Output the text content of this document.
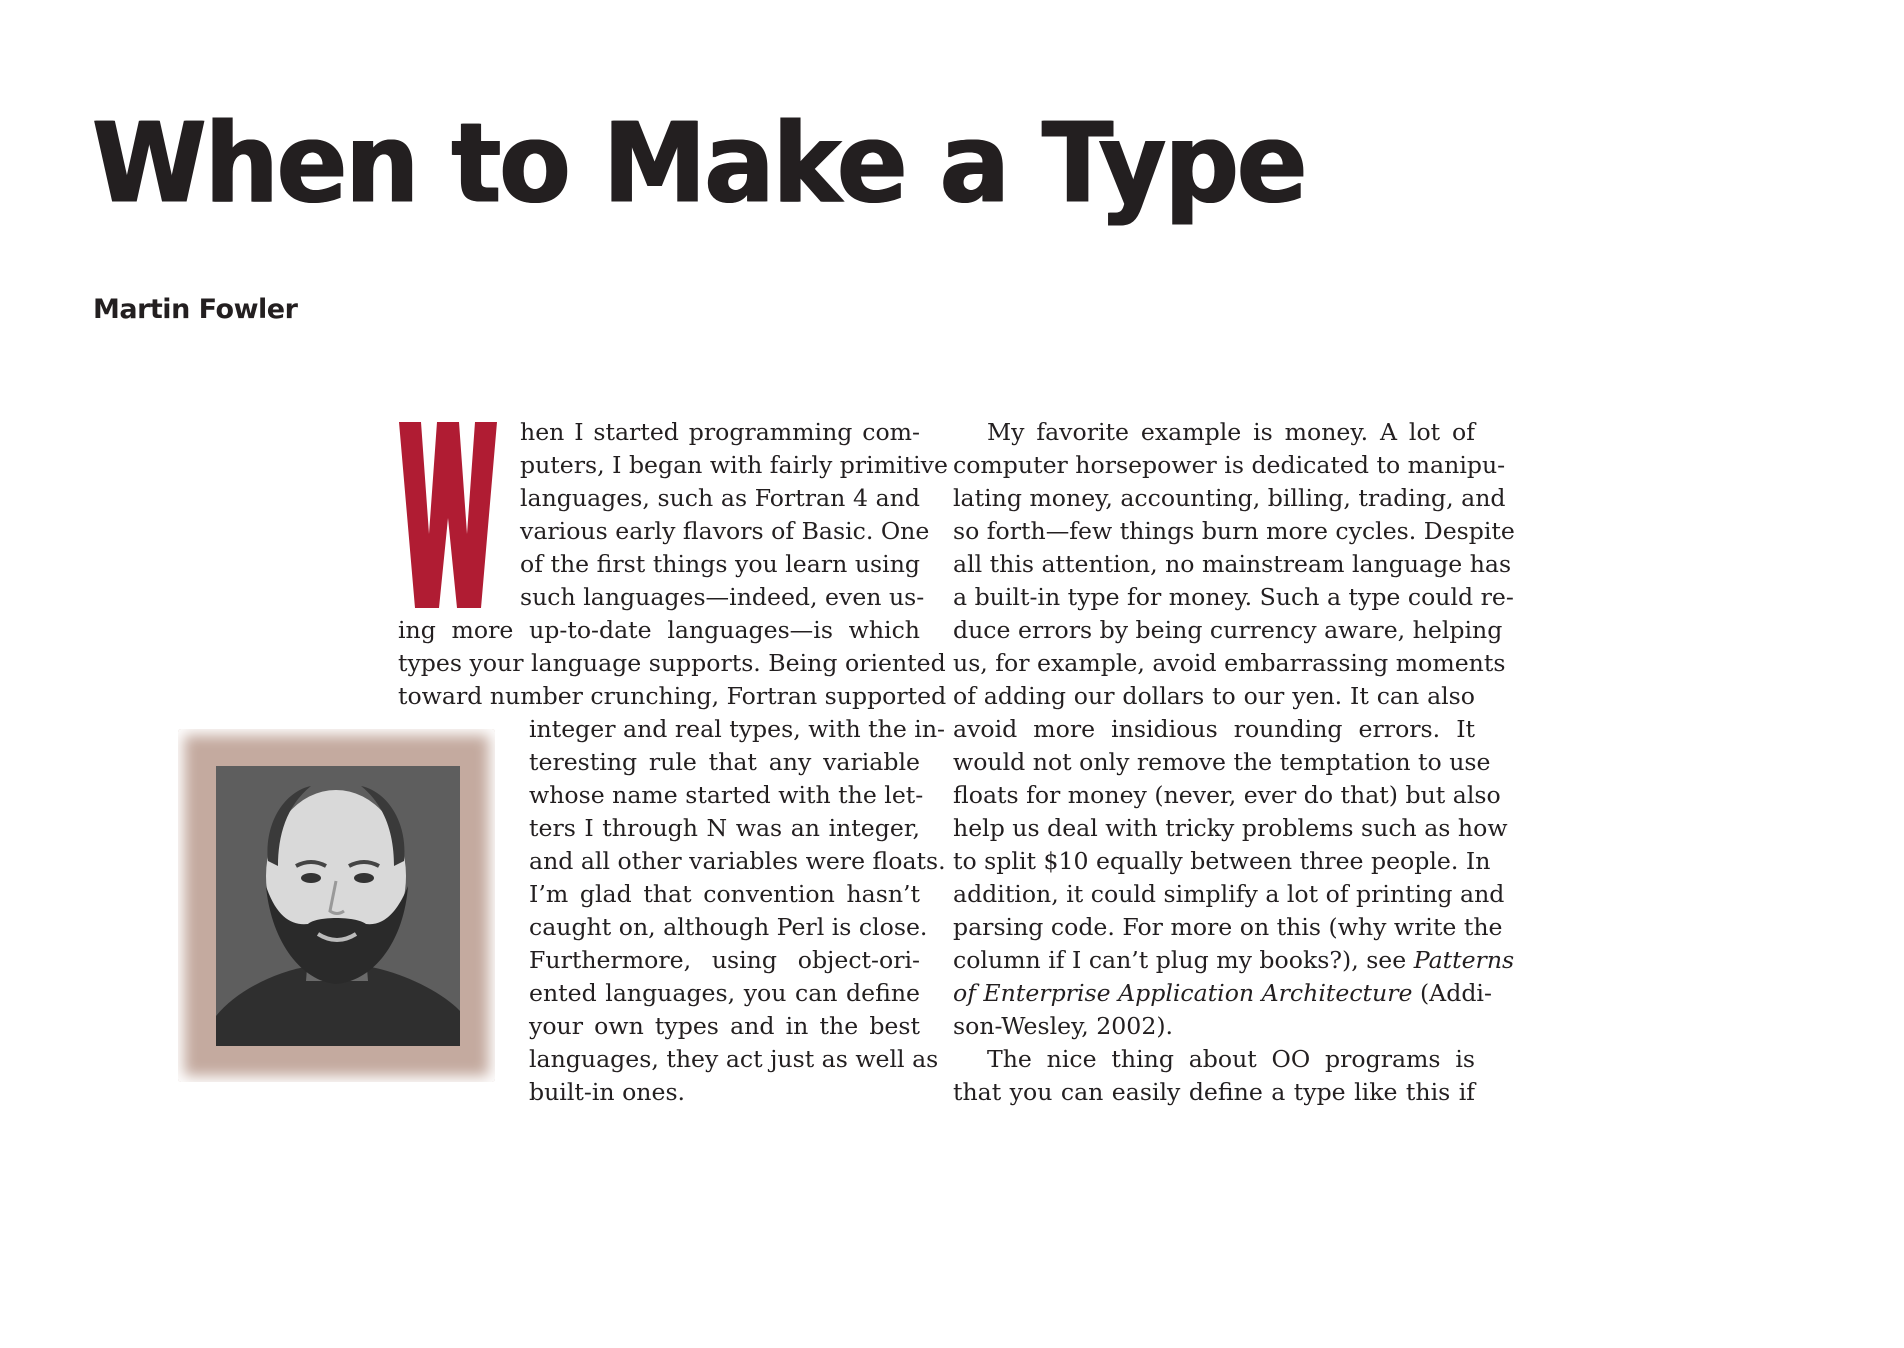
When to Make a Type
Martin Fowler
hen I started programming com-
puters, I began with fairly primitive
languages, such as Fortran 4 and
various early flavors of Basic. One
of the first things you learn using
such languages—indeed, even us-
ing more up-to-date languages—is which
types your language supports. Being oriented
toward number crunching, Fortran supported
integer and real types, with the in-
teresting rule that any variable
whose name started with the let-
ters I through N was an integer,
and all other variables were floats.
I’m glad that convention hasn’t
caught on, although Perl is close.
Furthermore, using object-ori-
ented languages, you can define
your own types and in the best
languages, they act just as well as
built-in ones.
My favorite example is money. A lot of
computer horsepower is dedicated to manipu-
lating money, accounting, billing, trading, and
so forth—few things burn more cycles. Despite
all this attention, no mainstream language has
a built-in type for money. Such a type could re-
duce errors by being currency aware, helping
us, for example, avoid embarrassing moments
of adding our dollars to our yen. It can also
avoid more insidious rounding errors. It
would not only remove the temptation to use
floats for money (never, ever do that) but also
help us deal with tricky problems such as how
to split $10 equally between three people. In
addition, it could simplify a lot of printing and
parsing code. For more on this (why write the
column if I can’t plug my books?), see Patterns
of Enterprise Application Architecture (Addi-
son-Wesley, 2002).
The nice thing about OO programs is
that you can easily define a type like this if
